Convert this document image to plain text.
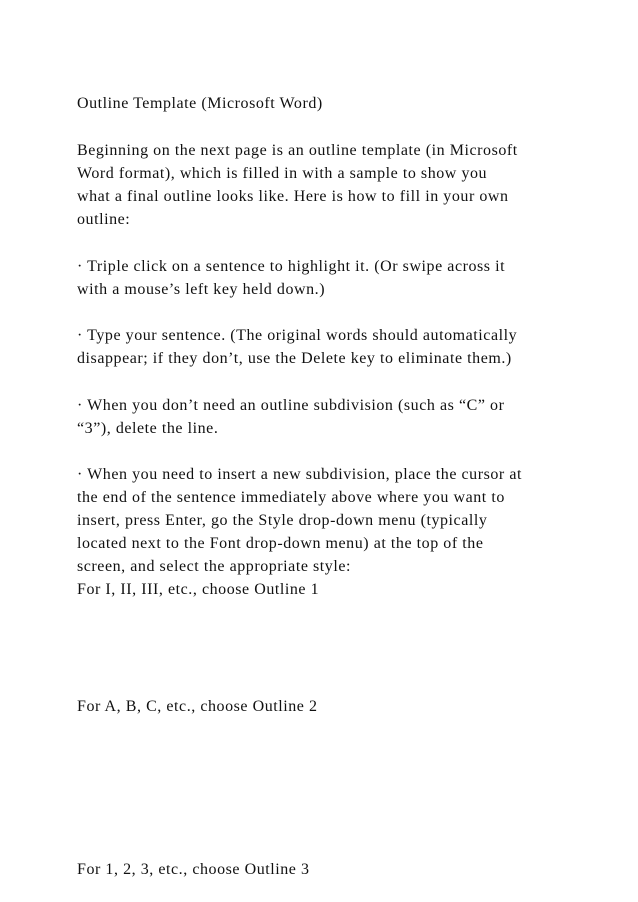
Outline Template (Microsoft Word)

Beginning on the next page is an outline template (in Microsoft

Word format), which is filled in with a sample to show you

what a final outline looks like. Here is how to fill in your own

outline:

· Triple click on a sentence to highlight it. (Or swipe across it

with a mouse’s left key held down.)

· Type your sentence. (The original words should automatically

disappear; if they don’t, use the Delete key to eliminate them.)

· When you don’t need an outline subdivision (such as “C” or

“3”), delete the line.

· When you need to insert a new subdivision, place the cursor at

the end of the sentence immediately above where you want to

insert, press Enter, go the Style drop-down menu (typically

located next to the Font drop-down menu) at the top of the

screen, and select the appropriate style:

For I, II, III, etc., choose Outline 1

For A, B, C, etc., choose Outline 2

For 1, 2, 3, etc., choose Outline 3
